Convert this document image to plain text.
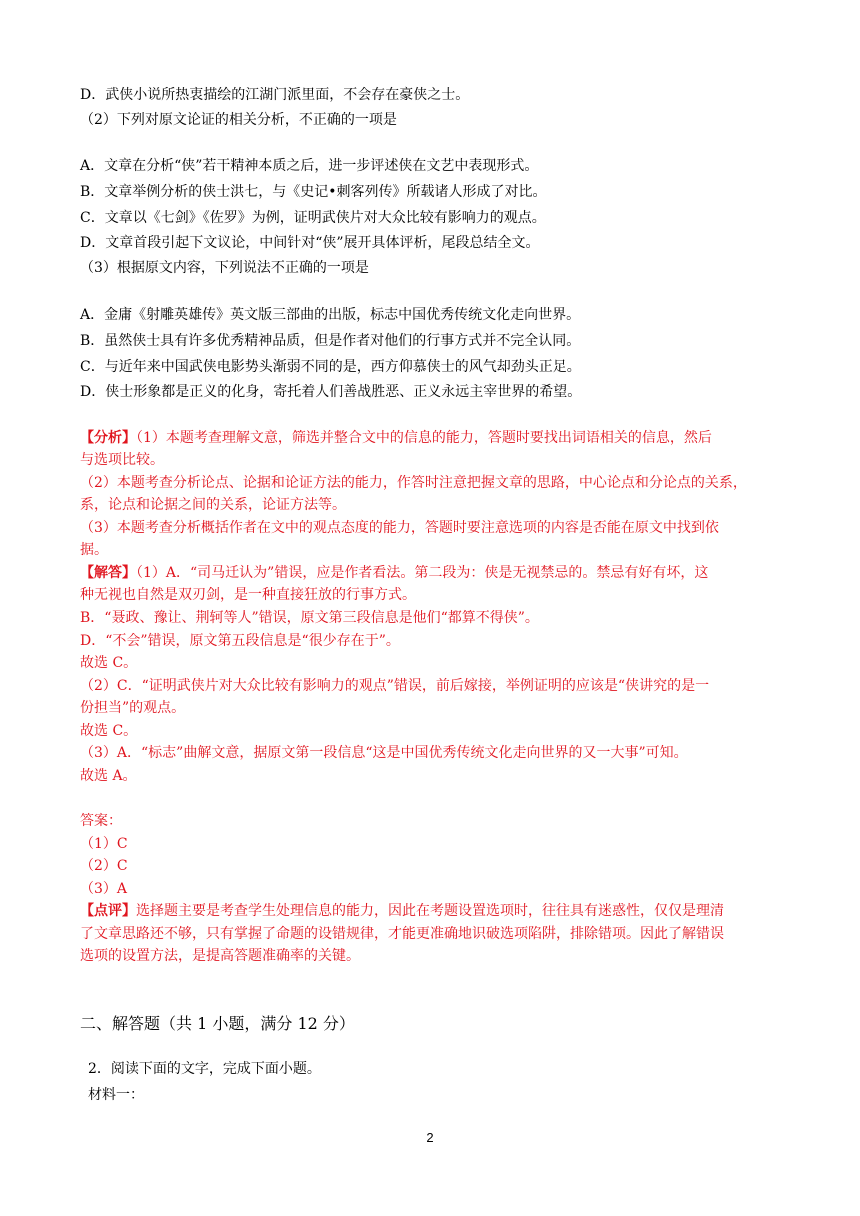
D．武侠小说所热衷描绘的江湖门派里面，不会存在豪侠之士。
（2）下列对原文论证的相关分析，不正确的一项是
A．文章在分析“侠”若干精神本质之后，进一步评述侠在文艺中表现形式。
B．文章举例分析的侠士洪七，与《史记•刺客列传》所载诸人形成了对比。
C．文章以《七剑》《佐罗》为例，证明武侠片对大众比较有影响力的观点。
D．文章首段引起下文议论，中间针对“侠”展开具体评析，尾段总结全文。
（3）根据原文内容，下列说法不正确的一项是
A．金庸《射雕英雄传》英文版三部曲的出版，标志中国优秀传统文化走向世界。
B．虽然侠士具有许多优秀精神品质，但是作者对他们的行事方式并不完全认同。
C．与近年来中国武侠电影势头渐弱不同的是，西方仰慕侠士的风气却劲头正足。
D．侠士形象都是正义的化身，寄托着人们善战胜恶、正义永远主宰世界的希望。
【分析】（1）本题考查理解文意，筛选并整合文中的信息的能力，答题时要找出词语相关的信息，然后
与选项比较。
（2）本题考查分析论点、论据和论证方法的能力，作答时注意把握文章的思路，中心论点和分论点的关系，
系，论点和论据之间的关系，论证方法等。
（3）本题考查分析概括作者在文中的观点态度的能力，答题时要注意选项的内容是否能在原文中找到依
据。
【解答】（1）A．“司马迁认为”错误，应是作者看法。第二段为：侠是无视禁忌的。禁忌有好有坏，这
种无视也自然是双刃剑，是一种直接狂放的行事方式。
B．“聂政、豫让、荆轲等人”错误，原文第三段信息是他们“都算不得侠”。
D．“不会”错误，原文第五段信息是“很少存在于”。
故选 C。
（2）C．“证明武侠片对大众比较有影响力的观点”错误，前后嫁接，举例证明的应该是“侠讲究的是一
份担当”的观点。
故选 C。
（3）A．“标志”曲解文意，据原文第一段信息“这是中国优秀传统文化走向世界的又一大事”可知。
故选 A。
答案：
（1）C
（2）C
（3）A
【点评】选择题主要是考查学生处理信息的能力，因此在考题设置选项时，往往具有迷惑性，仅仅是理清
了文章思路还不够，只有掌握了命题的设错规律，才能更准确地识破选项陷阱，排除错项。因此了解错误
选项的设置方法，是提高答题准确率的关键。
二、解答题（共 1 小题，满分 12 分）
2．阅读下面的文字，完成下面小题。
材料一：
2
